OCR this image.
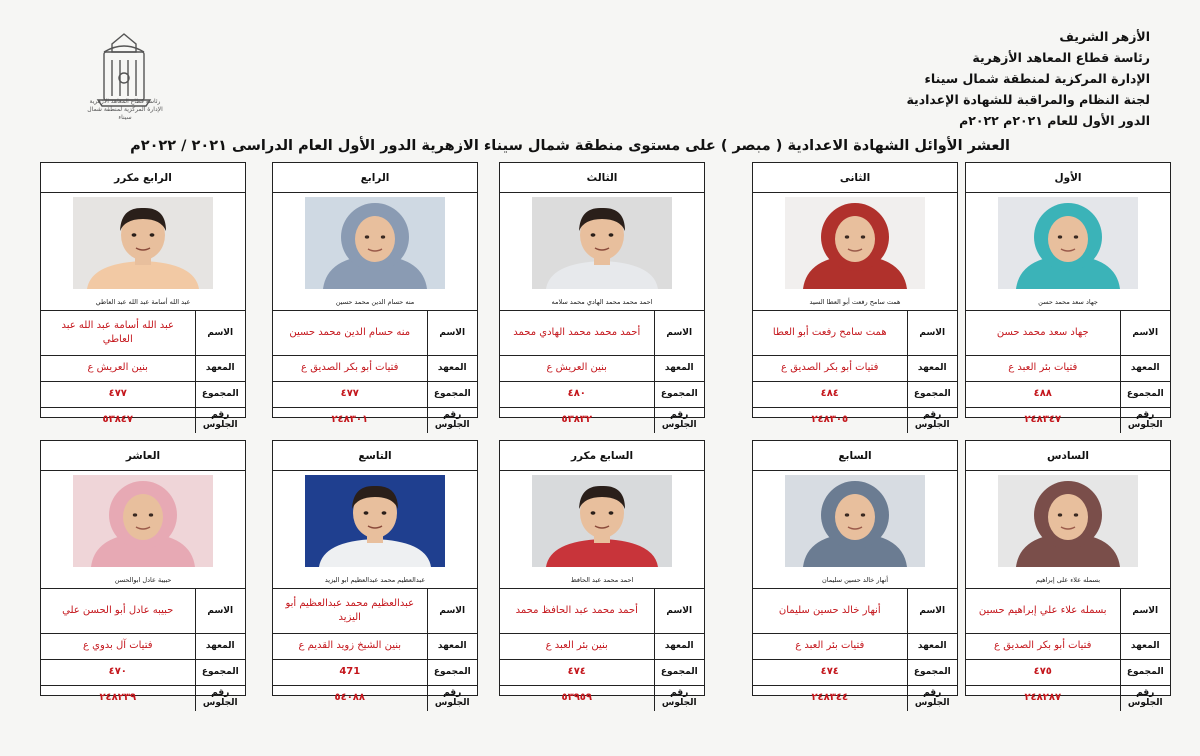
رئاسة قطاع المعاهد الأزهرية
الإدارة المركزية لمنطقة شمال سيناء
الأزهر الشريف
رئاسة قطاع المعاهد الأزهرية
الإدارة المركزية لمنطقة شمال سيناء
لجنة النظام والمراقبة للشهادة الإعدادية
الدور الأول للعام ٢٠٢١م ٢٠٢٢م
العشر الأوائل الشهادة الاعدادية ( مبصر ) على مستوى منطقة شمال سيناء الازهرية الدور الأول العام الدراسى ٢٠٢١ / ٢٠٢٢م
الأول
جهاد سعد محمد حسن
الاسم	جهاد سعد محمد حسن
المعهد	فتيات بئر العبد ع
المجموع	٤٨٨
رقم الجلوس	٢٤٨٣٤٧
الثانى
همت سامح رفعت أبو العطا السيد
الاسم	همت سامح رفعت أبو العطا
المعهد	فتيات أبو بكر الصديق ع
المجموع	٤٨٤
رقم الجلوس	٢٤٨٣٠٥
الثالث
احمد محمد محمد الهادي محمد سلامه
الاسم	أحمد محمد محمد الهادي محمد
المعهد	بنين العريش ع
المجموع	٤٨٠
رقم الجلوس	٥٣٨٣٢
الرابع
منه حسام الدين محمد حسين
الاسم	منه حسام الدين محمد حسين
المعهد	فتيات أبو بكر الصديق ع
المجموع	٤٧٧
رقم الجلوس	٢٤٨٣٠١
الرابع مكرر
عبد الله أسامة عبد الله عبد العاطي
الاسم	عبد الله أسامة عبد الله عبد العاطي
المعهد	بنين العريش ع
المجموع	٤٧٧
رقم الجلوس	٥٣٨٤٧
السادس
بسمله علاء على إبراهيم
الاسم	بسمله علاء علي إبراهيم حسين
المعهد	فتيات أبو بكر الصديق ع
المجموع	٤٧٥
رقم الجلوس	٢٤٨٢٨٧
السابع
أنهار خالد حسين سليمان
الاسم	أنهار خالد حسين سليمان
المعهد	فتيات بئر العبد ع
المجموع	٤٧٤
رقم الجلوس	٢٤٨٣٤٤
السابع مكرر
احمد محمد عبد الحافظ
الاسم	أحمد محمد عبد الحافظ محمد
المعهد	بنين بئر العبد ع
المجموع	٤٧٤
رقم الجلوس	٥٣٩٥٩
التاسع
عبدالعظيم محمد عبدالعظيم ابو اليزيد
الاسم	عبدالعظيم محمد عبدالعظيم أبو اليزيد
المعهد	بنين الشيخ زويد القديم ع
المجموع	471
رقم الجلوس	٥٤٠٨٨
العاشر
حبيبة عادل ابوالحسن
الاسم	حبيبه عادل أبو الحسن علي
المعهد	فتيات آل بدوي ع
المجموع	٤٧٠
رقم الجلوس	٢٤٨٢٣٩
